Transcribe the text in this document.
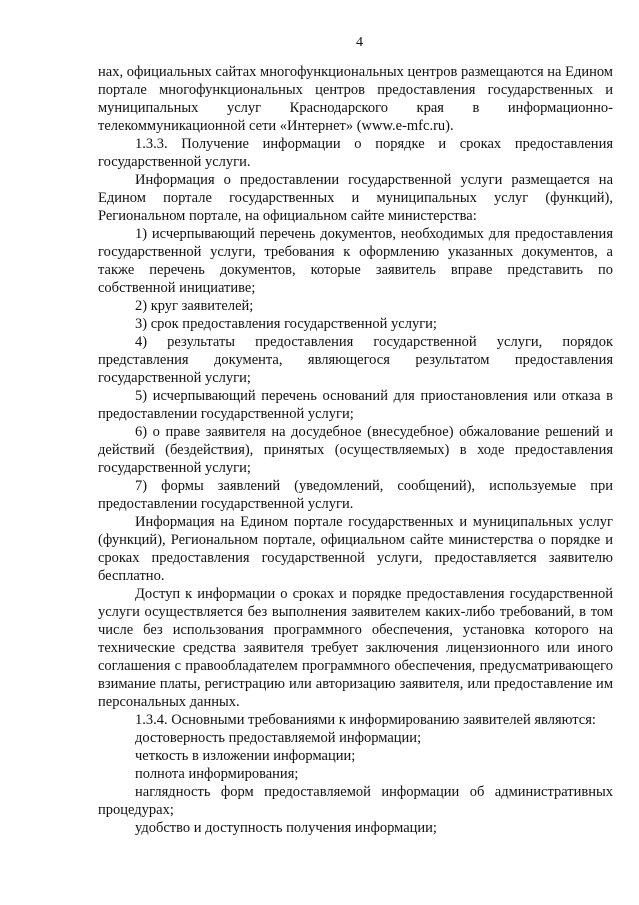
4

нах, официальных сайтах многофункциональных центров размещаются на Едином портале многофункциональных центров предоставления государственных и муниципальных услуг Краснодарского края в информационно-телекоммуникационной сети «Интернет» (www.e-mfc.ru).

1.3.3. Получение информации о порядке и сроках предоставления государственной услуги.

Информация о предоставлении государственной услуги размещается на Едином портале государственных и муниципальных услуг (функций), Региональном портале, на официальном сайте министерства:

1) исчерпывающий перечень документов, необходимых для предоставления государственной услуги, требования к оформлению указанных документов, а также перечень документов, которые заявитель вправе представить по собственной инициативе;

2) круг заявителей;

3) срок предоставления государственной услуги;

4) результаты предоставления государственной услуги, порядок представления документа, являющегося результатом предоставления государственной услуги;

5) исчерпывающий перечень оснований для приостановления или отказа в предоставлении государственной услуги;

6) о праве заявителя на досудебное (внесудебное) обжалование решений и действий (бездействия), принятых (осуществляемых) в ходе предоставления государственной услуги;

7) формы заявлений (уведомлений, сообщений), используемые при предоставлении государственной услуги.

Информация на Едином портале государственных и муниципальных услуг (функций), Региональном портале, официальном сайте министерства о порядке и сроках предоставления государственной услуги, предоставляется заявителю бесплатно.

Доступ к информации о сроках и порядке предоставления государственной услуги осуществляется без выполнения заявителем каких-либо требований, в том числе без использования программного обеспечения, установка которого на технические средства заявителя требует заключения лицензионного или иного соглашения с правообладателем программного обеспечения, предусматривающего взимание платы, регистрацию или авторизацию заявителя, или предоставление им персональных данных.

1.3.4. Основными требованиями к информированию заявителей являются:

достоверность предоставляемой информации;

четкость в изложении информации;

полнота информирования;

наглядность форм предоставляемой информации об административных процедурах;

удобство и доступность получения информации;
